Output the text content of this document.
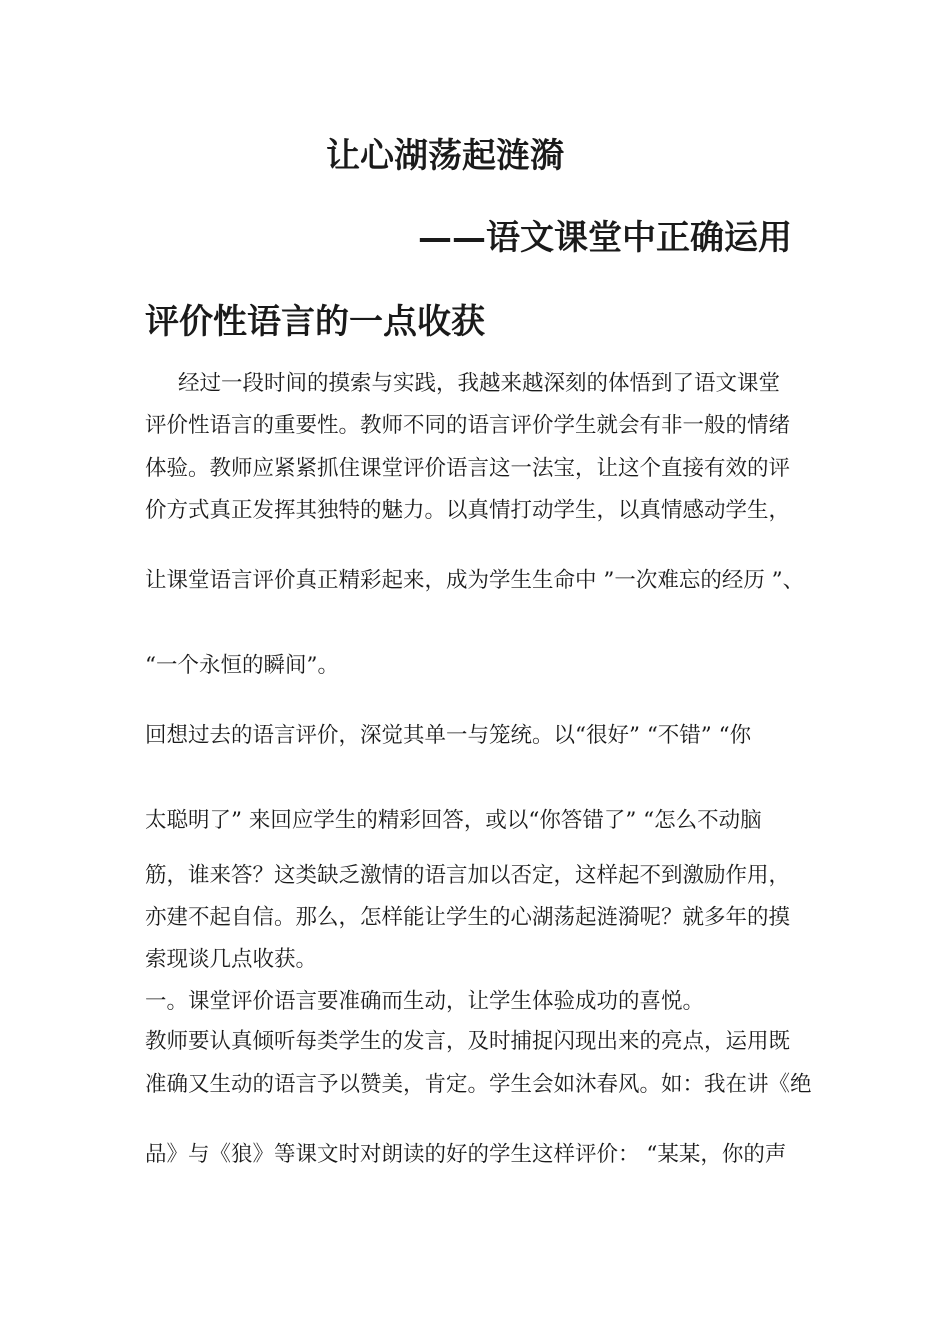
让心湖荡起涟漪
——语文课堂中正确运用
评价性语言的一点收获

经过一段时间的摸索与实践，我越来越深刻的体悟到了语文课堂

评价性语言的重要性。教师不同的语言评价学生就会有非一般的情绪

体验。教师应紧紧抓住课堂评价语言这一法宝，让这个直接有效的评

价方式真正发挥其独特的魅力。以真情打动学生，以真情感动学生，

让课堂语言评价真正精彩起来，成为学生生命中 ”一次难忘的经历 ”、

“一个永恒的瞬间”。

回想过去的语言评价，深觉其单一与笼统。以“很好” “不错” “你

太聪明了” 来回应学生的精彩回答，或以“你答错了” “怎么不动脑

筋，谁来答？这类缺乏激情的语言加以否定，这样起不到激励作用，

亦建不起自信。那么，怎样能让学生的心湖荡起涟漪呢？就多年的摸

索现谈几点收获。

一。课堂评价语言要准确而生动，让学生体验成功的喜悦。

教师要认真倾听每类学生的发言，及时捕捉闪现出来的亮点，运用既

准确又生动的语言予以赞美，肯定。学生会如沐春风。如：我在讲《绝

品》与《狼》等课文时对朗读的好的学生这样评价： “某某，你的声
